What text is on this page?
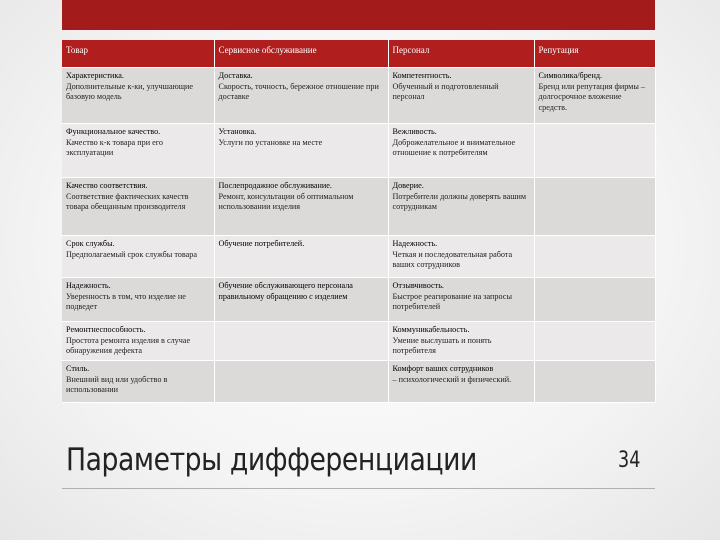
Товар	Сервисное обслуживание	Персонал	Репутация

Характеристика.
Дополнительные к-ки, улучшающие базовую модель	Доставка.
Скорость, точность, бережное отношение при доставке	Компетентность.
Обученный и подготовленный персонал	Символика/бренд.
Бренд или репутация фирмы – долгосрочное вложение средств.

Функциональное качество.
Качество к-к товара при его эксплуатации	Установка.
Услуги по установке на месте	Вежливость.
Доброжелательное и внимательное отношение к потребителям	

Качество соответствия.
Соответствие фактических качеств товара обещанным производителя	Послепродажное обслуживание.
Ремонт, консультации об оптимальном использовании изделия	Доверие.
Потребители должны доверять вашим сотрудникам	

Срок службы.
Предполагаемый срок службы товара	Обучение потребителей.	Надежность.
Четкая и последовательная работа ваших сотрудников	

Надежность.
Уверенность в том, что изделие не подведет	Обучение обслуживающего персонала правильному обращению с изделием	Отзывчивость.
Быстрое реагирование на запросы потребителей	

Ремонтнеспособность.
Простота ремонта изделия в случае обнаружения дефекта		Коммуникабельность.
Умение выслушать и понять потребителя	

Стиль.
Внешний вид или удобство в использовании		Комфорт ваших сотрудников
– психологический и физический.	

Параметры дифференциации	34
